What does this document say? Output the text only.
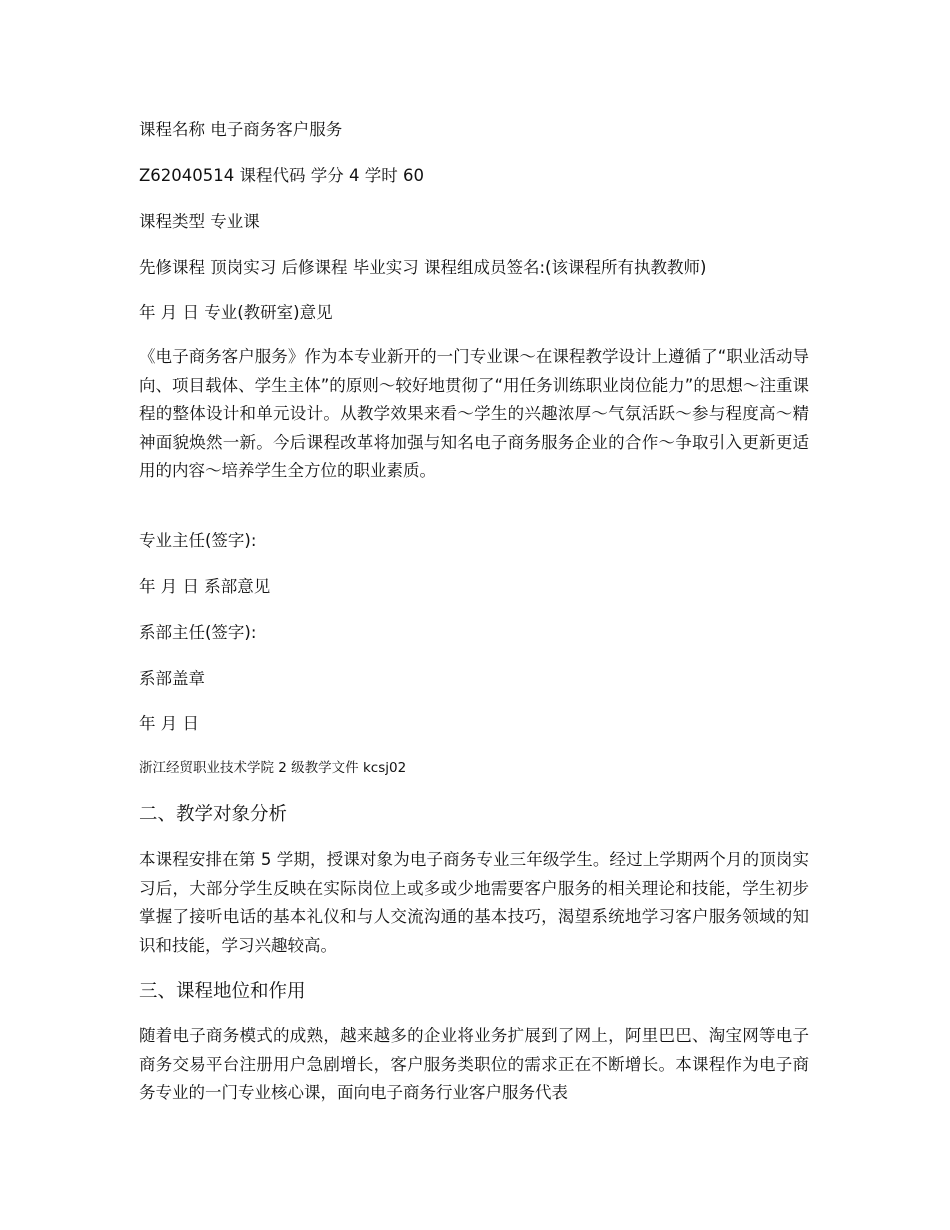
课程名称 电子商务客户服务
Z62040514 课程代码 学分 4 学时 60
课程类型 专业课
先修课程 顶岗实习 后修课程 毕业实习 课程组成员签名:(该课程所有执教教师)
年 月 日 专业(教研室)意见
《电子商务客户服务》作为本专业新开的一门专业课～在课程教学设计上遵循了“职业活动导向、项目载体、学生主体”的原则～较好地贯彻了“用任务训练职业岗位能力”的思想～注重课程的整体设计和单元设计。从教学效果来看～学生的兴趣浓厚～气氛活跃～参与程度高～精神面貌焕然一新。今后课程改革将加强与知名电子商务服务企业的合作～争取引入更新更适用的内容～培养学生全方位的职业素质。
专业主任(签字):
年 月 日 系部意见
系部主任(签字):
系部盖章
年 月 日
浙江经贸职业技术学院 2 级教学文件 kcsj02
二、教学对象分析
本课程安排在第 5 学期，授课对象为电子商务专业三年级学生。经过上学期两个月的顶岗实习后，大部分学生反映在实际岗位上或多或少地需要客户服务的相关理论和技能，学生初步掌握了接听电话的基本礼仪和与人交流沟通的基本技巧，渴望系统地学习客户服务领域的知识和技能，学习兴趣较高。
三、课程地位和作用
随着电子商务模式的成熟，越来越多的企业将业务扩展到了网上，阿里巴巴、淘宝网等电子商务交易平台注册用户急剧增长，客户服务类职位的需求正在不断增长。本课程作为电子商务专业的一门专业核心课，面向电子商务行业客户服务代表
